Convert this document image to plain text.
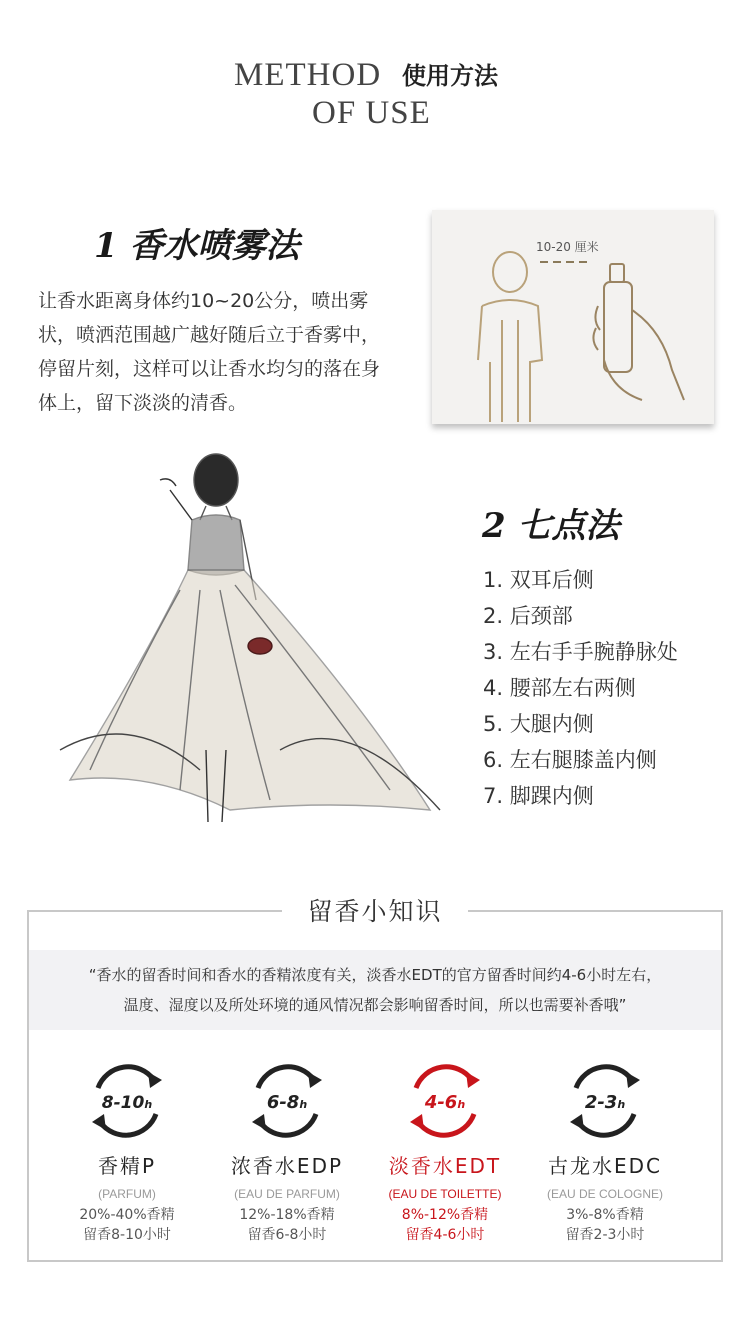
METHOD
OF USE
使用方法
1 香水喷雾法
让香水距离身体约10~20公分，喷出雾状，喷洒范围越广越好随后立于香雾中，停留片刻，这样可以让香水均匀的落在身体上，留下淡淡的清香。
10-20 厘米
2 七点法
1. 双耳后侧
2. 后颈部
3. 左右手手腕静脉处
4. 腰部左右两侧
5. 大腿内侧
6. 左右腿膝盖内侧
7. 脚踝内侧
留香小知识
“香水的留香时间和香水的香精浓度有关，淡香水EDT的官方留香时间约4-6小时左右，
温度、湿度以及所处环境的通风情况都会影响留香时间，所以也需要补香哦”
8-10h
香精P
(PARFUM)
20%-40%香精
留香8-10小时
6-8h
浓香水EDP
(EAU DE PARFUM)
12%-18%香精
留香6-8小时
4-6h
淡香水EDT
(EAU DE TOILETTE)
8%-12%香精
留香4-6小时
2-3h
古龙水EDC
(EAU DE COLOGNE)
3%-8%香精
留香2-3小时
